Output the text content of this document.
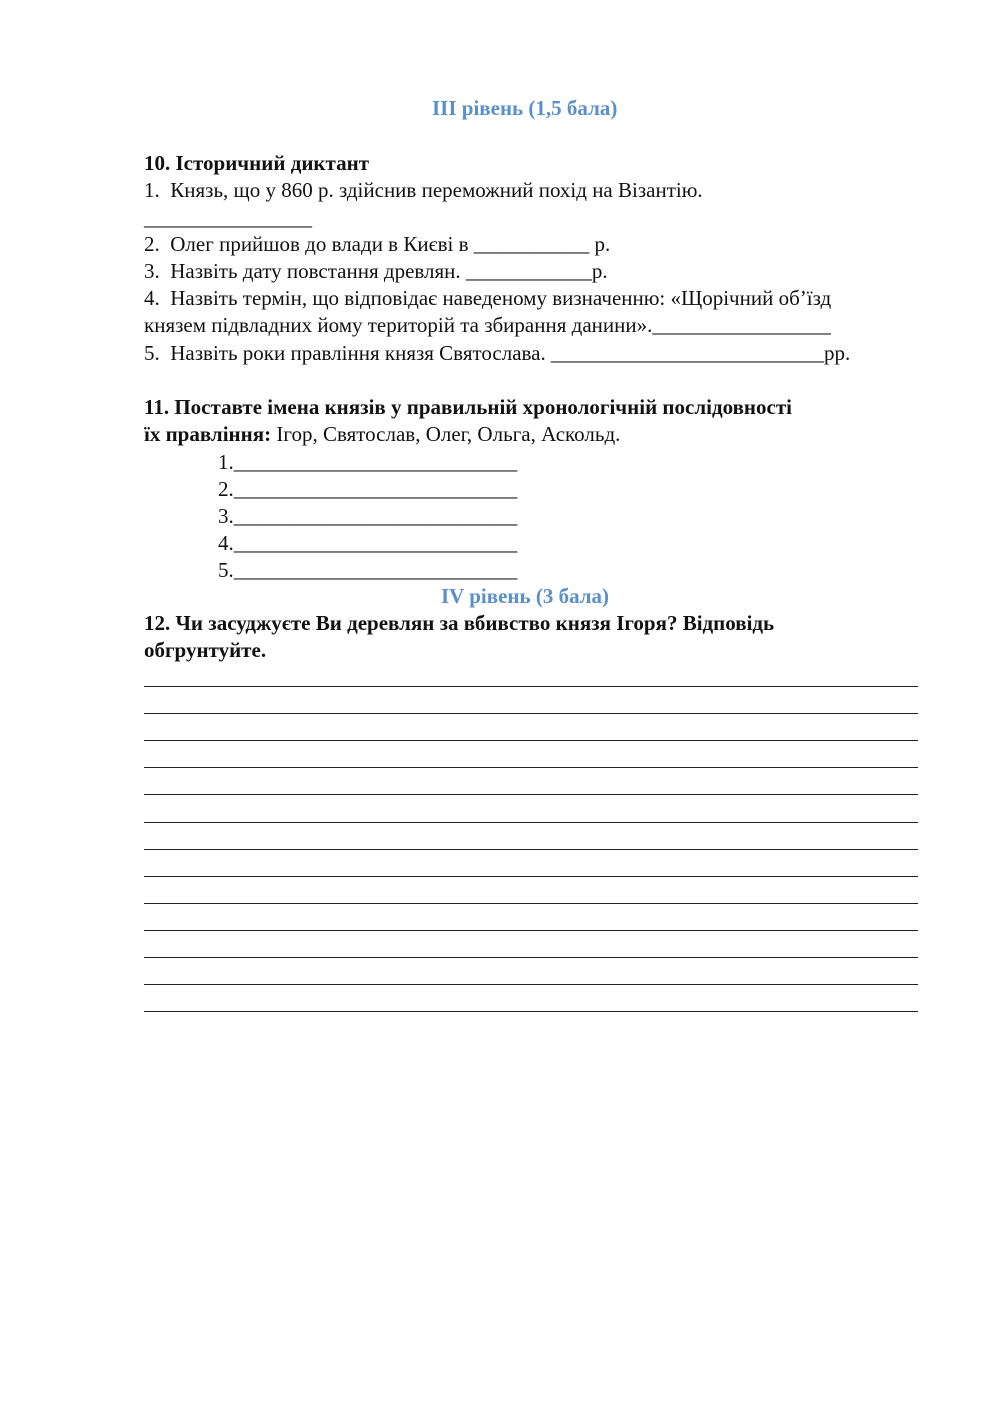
ІІІ рівень (1,5 бала)
10. Історичний диктант
1. Князь, що у 860 р. здійснив переможний похід на Візантію.
________________
2. Олег прийшов до влади в Києві в ___________ р.
3. Назвіть дату повстання древлян. ____________р.
4. Назвіть термін, що відповідає наведеному визначенню: «Щорічний об’їзд
князем підвладних йому територій та збирання данини»._________________
5. Назвіть роки правління князя Святослава. __________________________рр.
11. Поставте імена князів у правильній хронологічній послідовності
їх правління: Ігор, Святослав, Олег, Ольга, Аскольд.
1.___________________________
2.___________________________
3.___________________________
4.___________________________
5.___________________________
IV рівень (3 бала)
12. Чи засуджуєте Ви деревлян за вбивство князя Ігоря? Відповідь
обгрунтуйте.
